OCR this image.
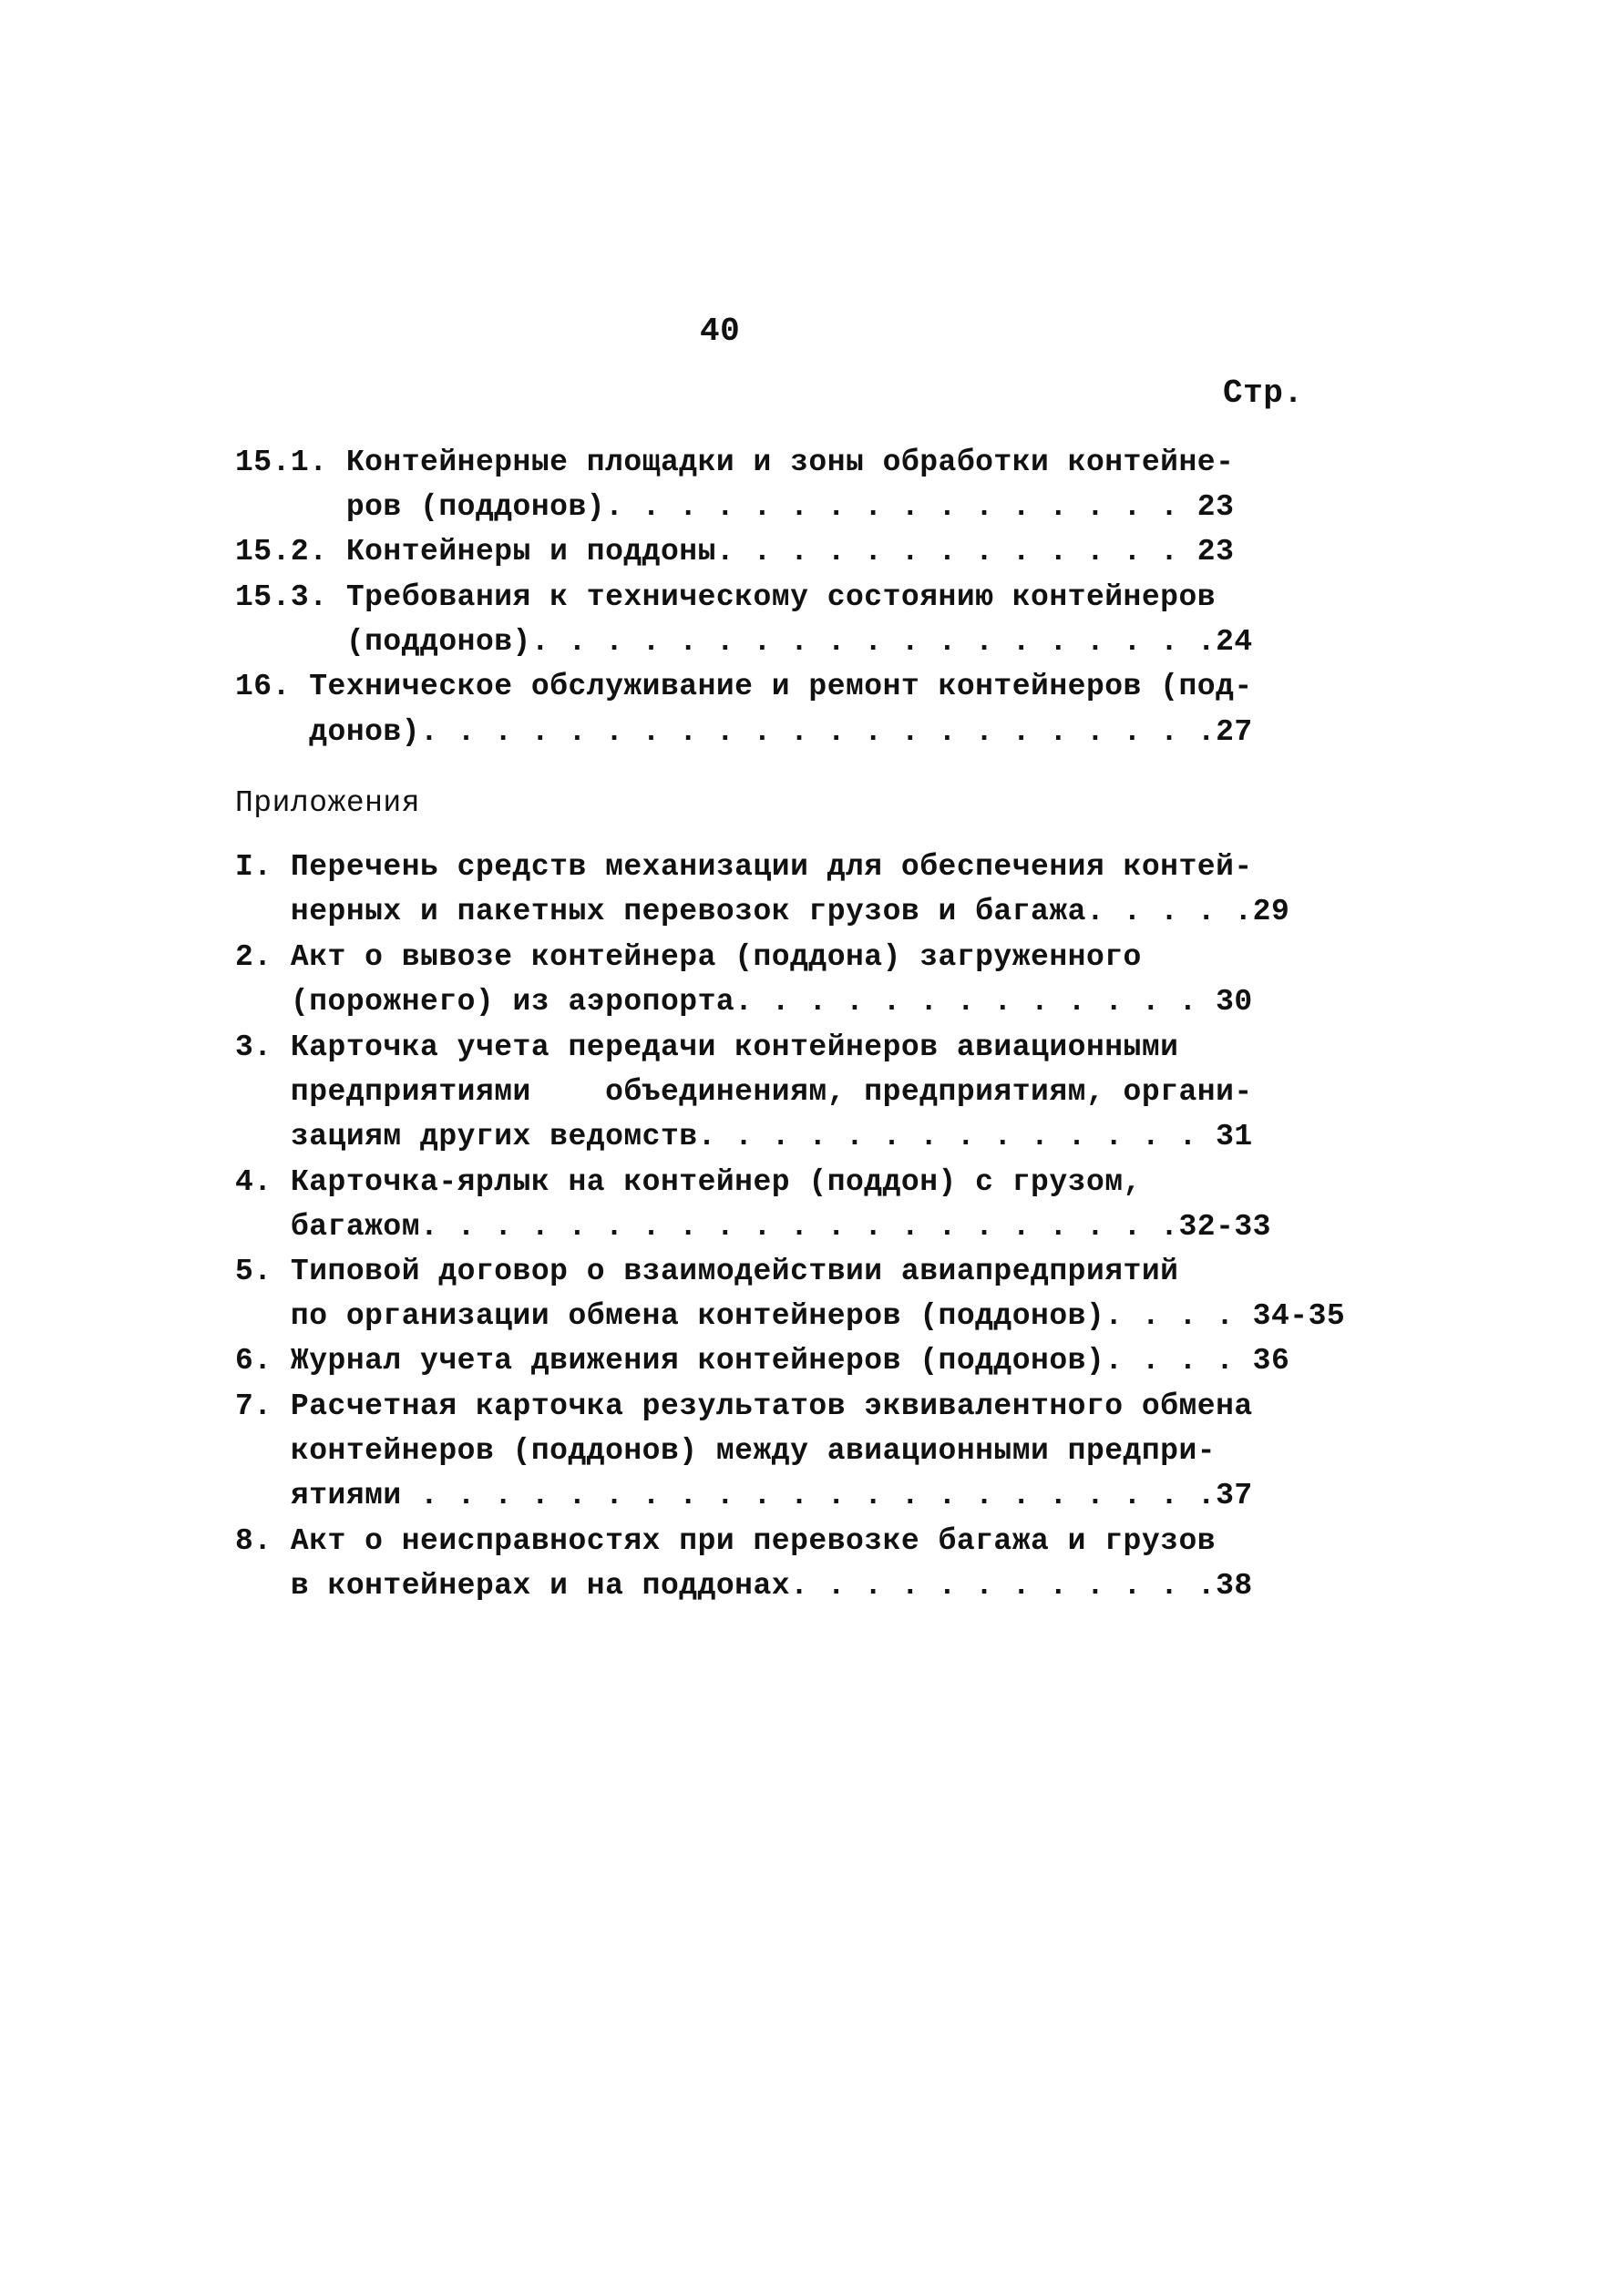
40
Стр.
15.1. Контейнерные площадки и зоны обработки контейне-
ров (поддонов). . . . . . . . . . . . . . . . 23
15.2. Контейнеры и поддоны. . . . . . . . . . . . . 23
15.3. Требования к техническому состоянию контейнеров
(поддонов). . . . . . . . . . . . . . . . . . .24
16. Техническое обслуживание и ремонт контейнеров (под-
донов). . . . . . . . . . . . . . . . . . . . . .27
Приложения
I. Перечень средств механизации для обеспечения контей-
нерных и пакетных перевозок грузов и багажа. . . . .29
2. Акт о вывозе контейнера (поддона) загруженного
(порожнего) из аэропорта. . . . . . . . . . . . . 30
3. Карточка учета передачи контейнеров авиационными
предприятиями    объединениям, предприятиям, органи-
зациям других ведомств. . . . . . . . . . . . . . 31
4. Карточка-ярлык на контейнер (поддон) с грузом,
багажом. . . . . . . . . . . . . . . . . . . . .32-33
5. Типовой договор о взаимодействии авиапредприятий
по организации обмена контейнеров (поддонов). . . . 34-35
6. Журнал учета движения контейнеров (поддонов). . . . 36
7. Расчетная карточка результатов эквивалентного обмена
контейнеров (поддонов) между авиационными предпри-
ятиями . . . . . . . . . . . . . . . . . . . . . .37
8. Акт о неисправностях при перевозке багажа и грузов
в контейнерах и на поддонах. . . . . . . . . . . .38
